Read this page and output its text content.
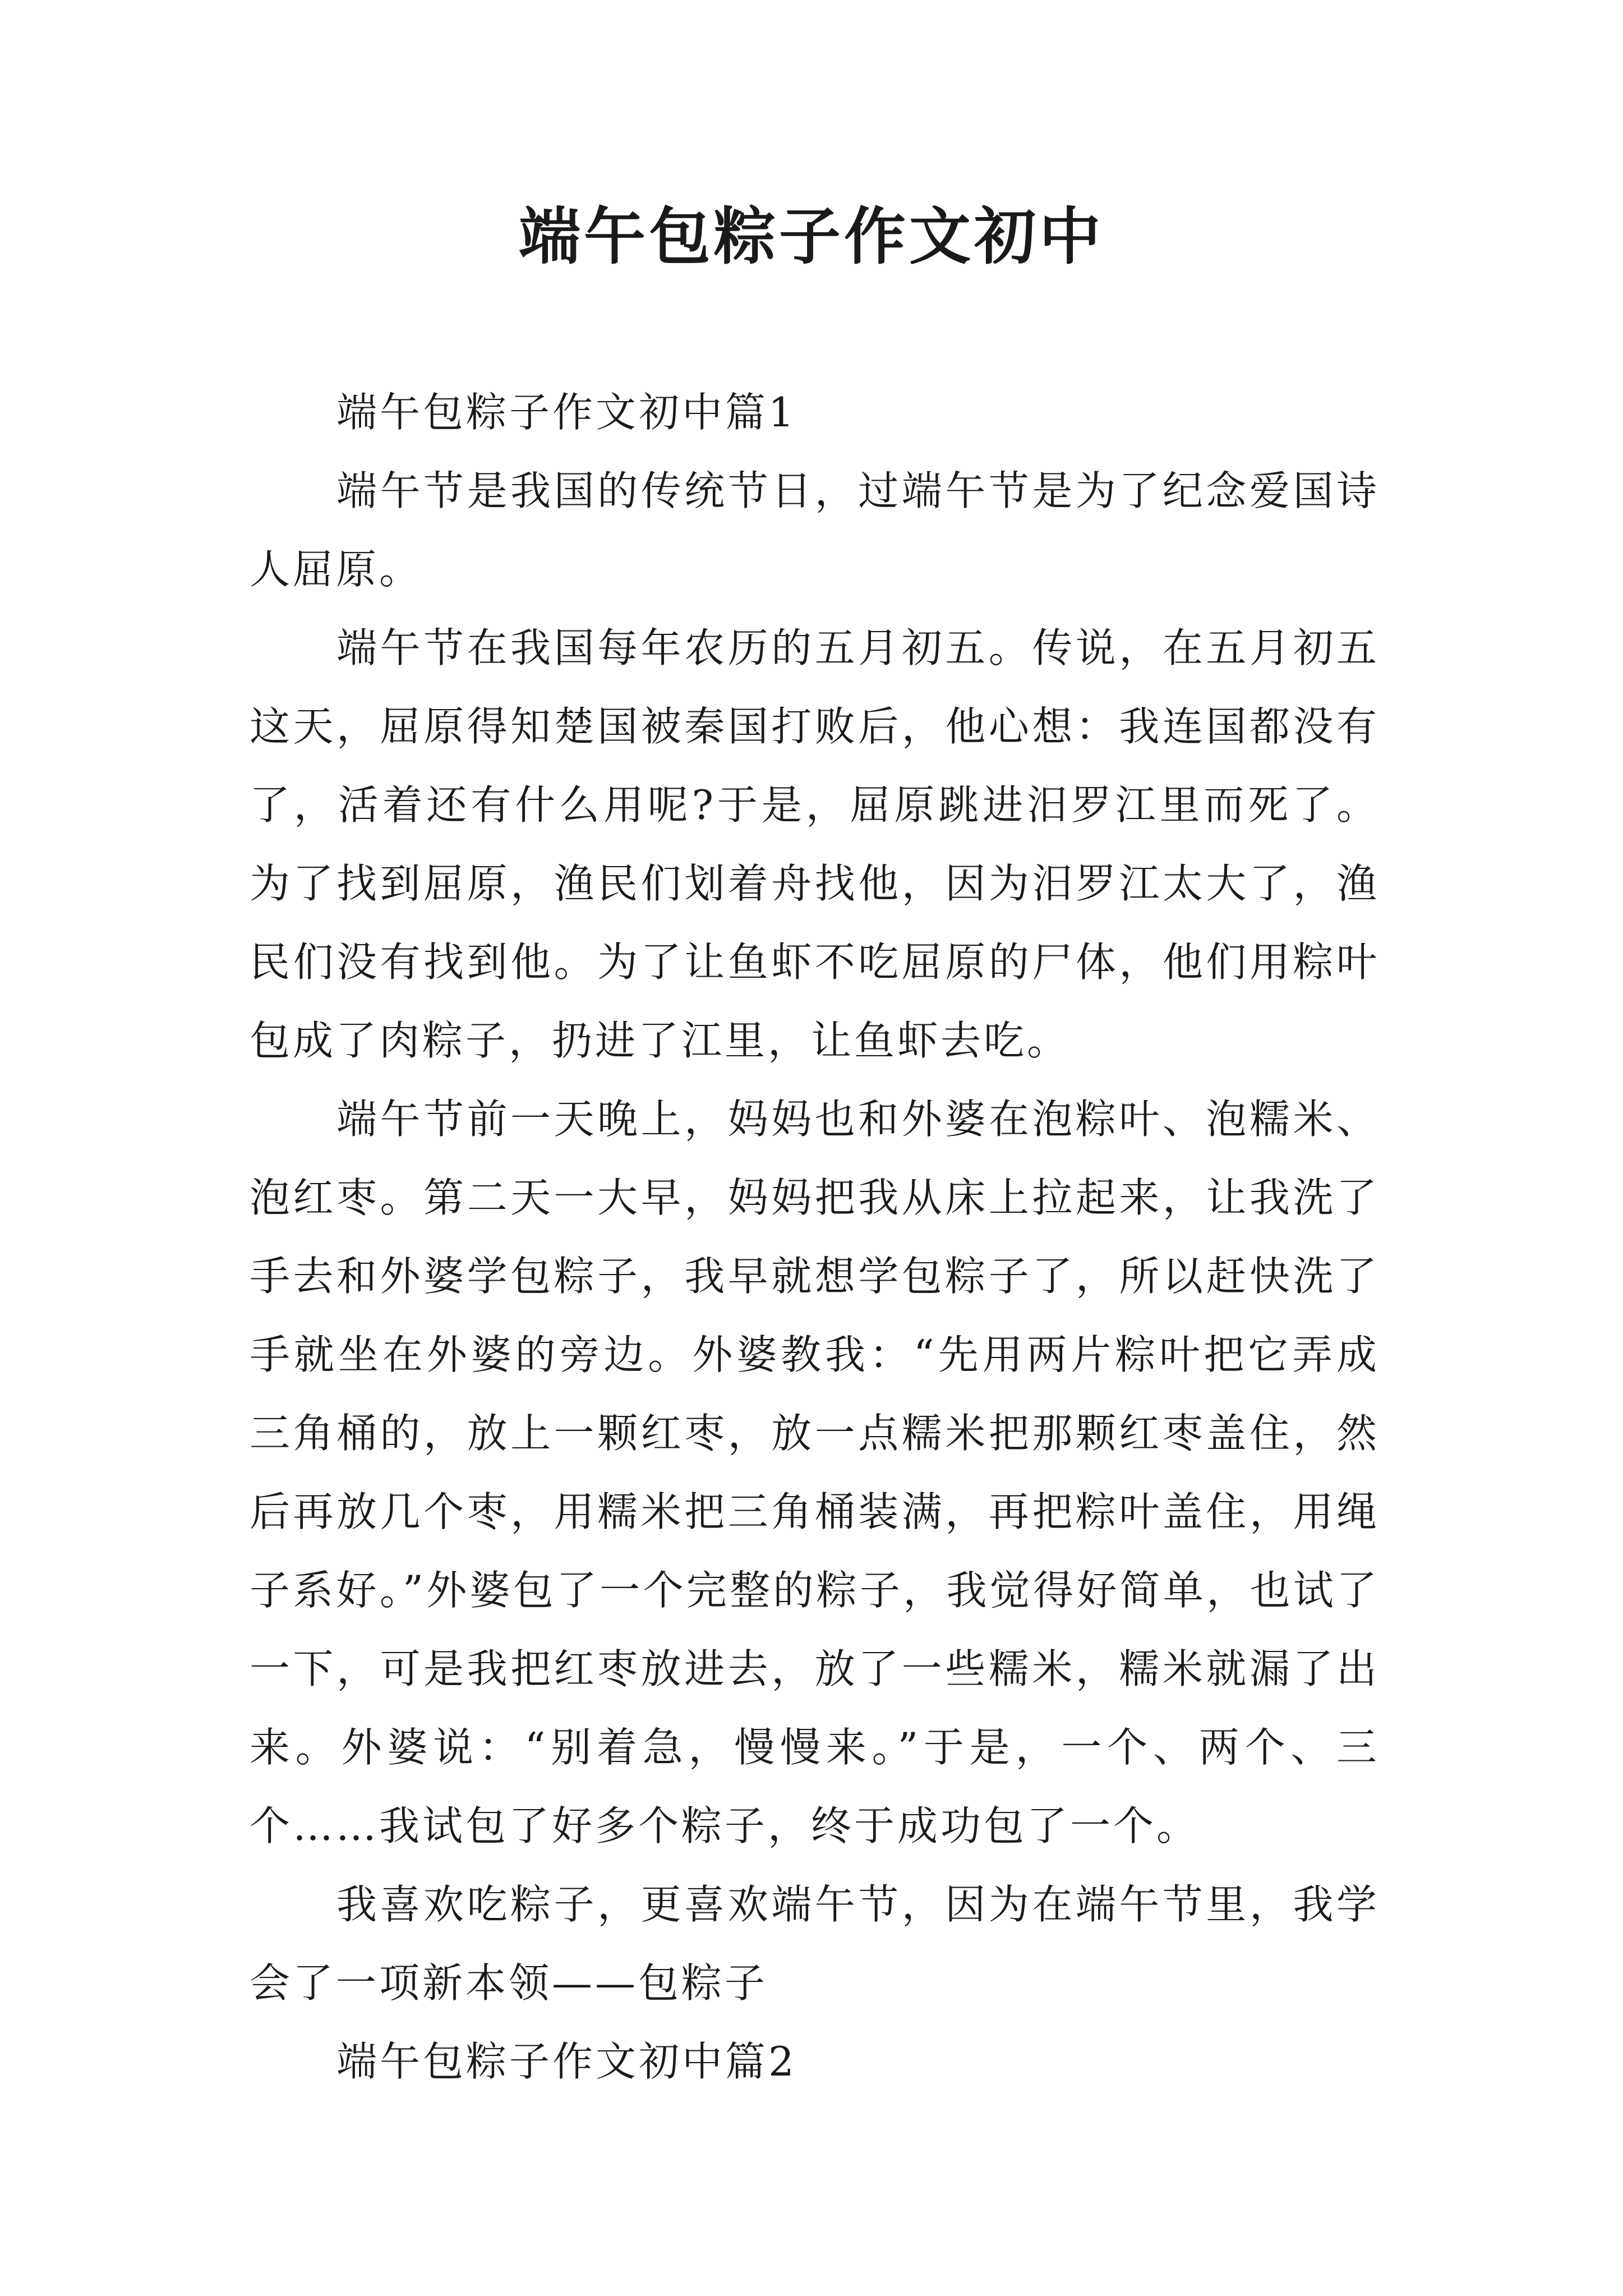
端午包粽子作文初中

端午包粽子作文初中篇1

端午节是我国的传统节日，过端午节是为了纪念爱国诗人屈原。

端午节在我国每年农历的五月初五。传说，在五月初五这天，屈原得知楚国被秦国打败后，他心想：我连国都没有了，活着还有什么用呢?于是，屈原跳进汨罗江里而死了。为了找到屈原，渔民们划着舟找他，因为汨罗江太大了，渔民们没有找到他。为了让鱼虾不吃屈原的尸体，他们用粽叶包成了肉粽子，扔进了江里，让鱼虾去吃。

端午节前一天晚上，妈妈也和外婆在泡粽叶、泡糯米、泡红枣。第二天一大早，妈妈把我从床上拉起来，让我洗了手去和外婆学包粽子，我早就想学包粽子了，所以赶快洗了手就坐在外婆的旁边。外婆教我：“先用两片粽叶把它弄成三角桶的，放上一颗红枣，放一点糯米把那颗红枣盖住，然后再放几个枣，用糯米把三角桶装满，再把粽叶盖住，用绳子系好。”外婆包了一个完整的粽子，我觉得好简单，也试了一下，可是我把红枣放进去，放了一些糯米，糯米就漏了出来。外婆说：“别着急，慢慢来。”于是，一个、两个、三个……我试包了好多个粽子，终于成功包了一个。

我喜欢吃粽子，更喜欢端午节，因为在端午节里，我学会了一项新本领——包粽子

端午包粽子作文初中篇2
